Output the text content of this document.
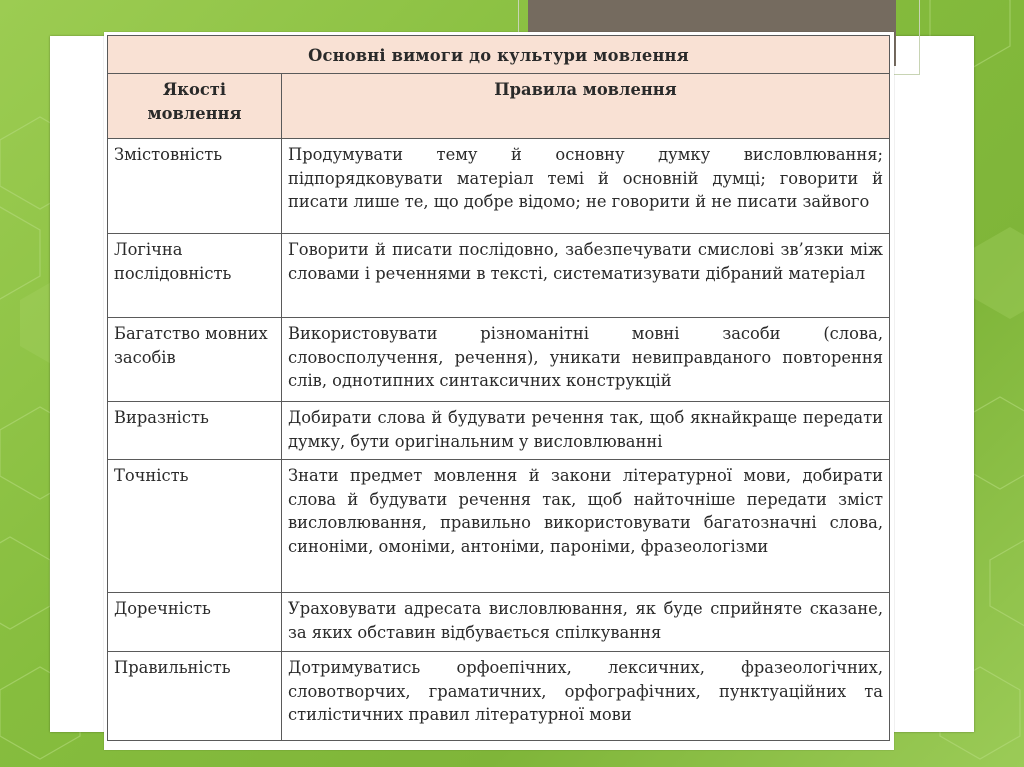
Основні вимоги до культури мовлення	

Якості мовлення	Правила мовлення
Змістовність	Продумувати тему й основну думку висловлювання; підпорядковувати матеріал темі й основній думці; говорити й писати лише те, що добре відомо; не говорити й не писати зайвого
Логічна послідовність	Говорити й писати послідовно, забезпечувати смислові зв’язки між словами і реченнями в тексті, систематизувати дібраний матеріал
Багатство мовних засобів	Використовувати різноманітні мовні засоби (слова, словосполучення, речення), уникати невиправданого повторення слів, однотипних синтаксичних конструкцій
Виразність	Добирати слова й будувати речення так, щоб якнайкраще передати думку, бути оригінальним у висловлюванні
Точність	Знати предмет мовлення й закони літературної мови, добирати слова й будувати речення так, щоб найточніше передати зміст висловлювання, правильно використовувати багатозначні слова, синоніми, омоніми, антоніми, пароніми, фразеологізми
Доречність	Ураховувати адресата висловлювання, як буде сприйняте сказане, за яких обставин відбувається спілкування
Правильність	Дотримуватись орфоепічних, лексичних, фразеологічних, словотворчих, граматичних, орфографічних, пунктуаційних та стилістичних правил літературної мови
